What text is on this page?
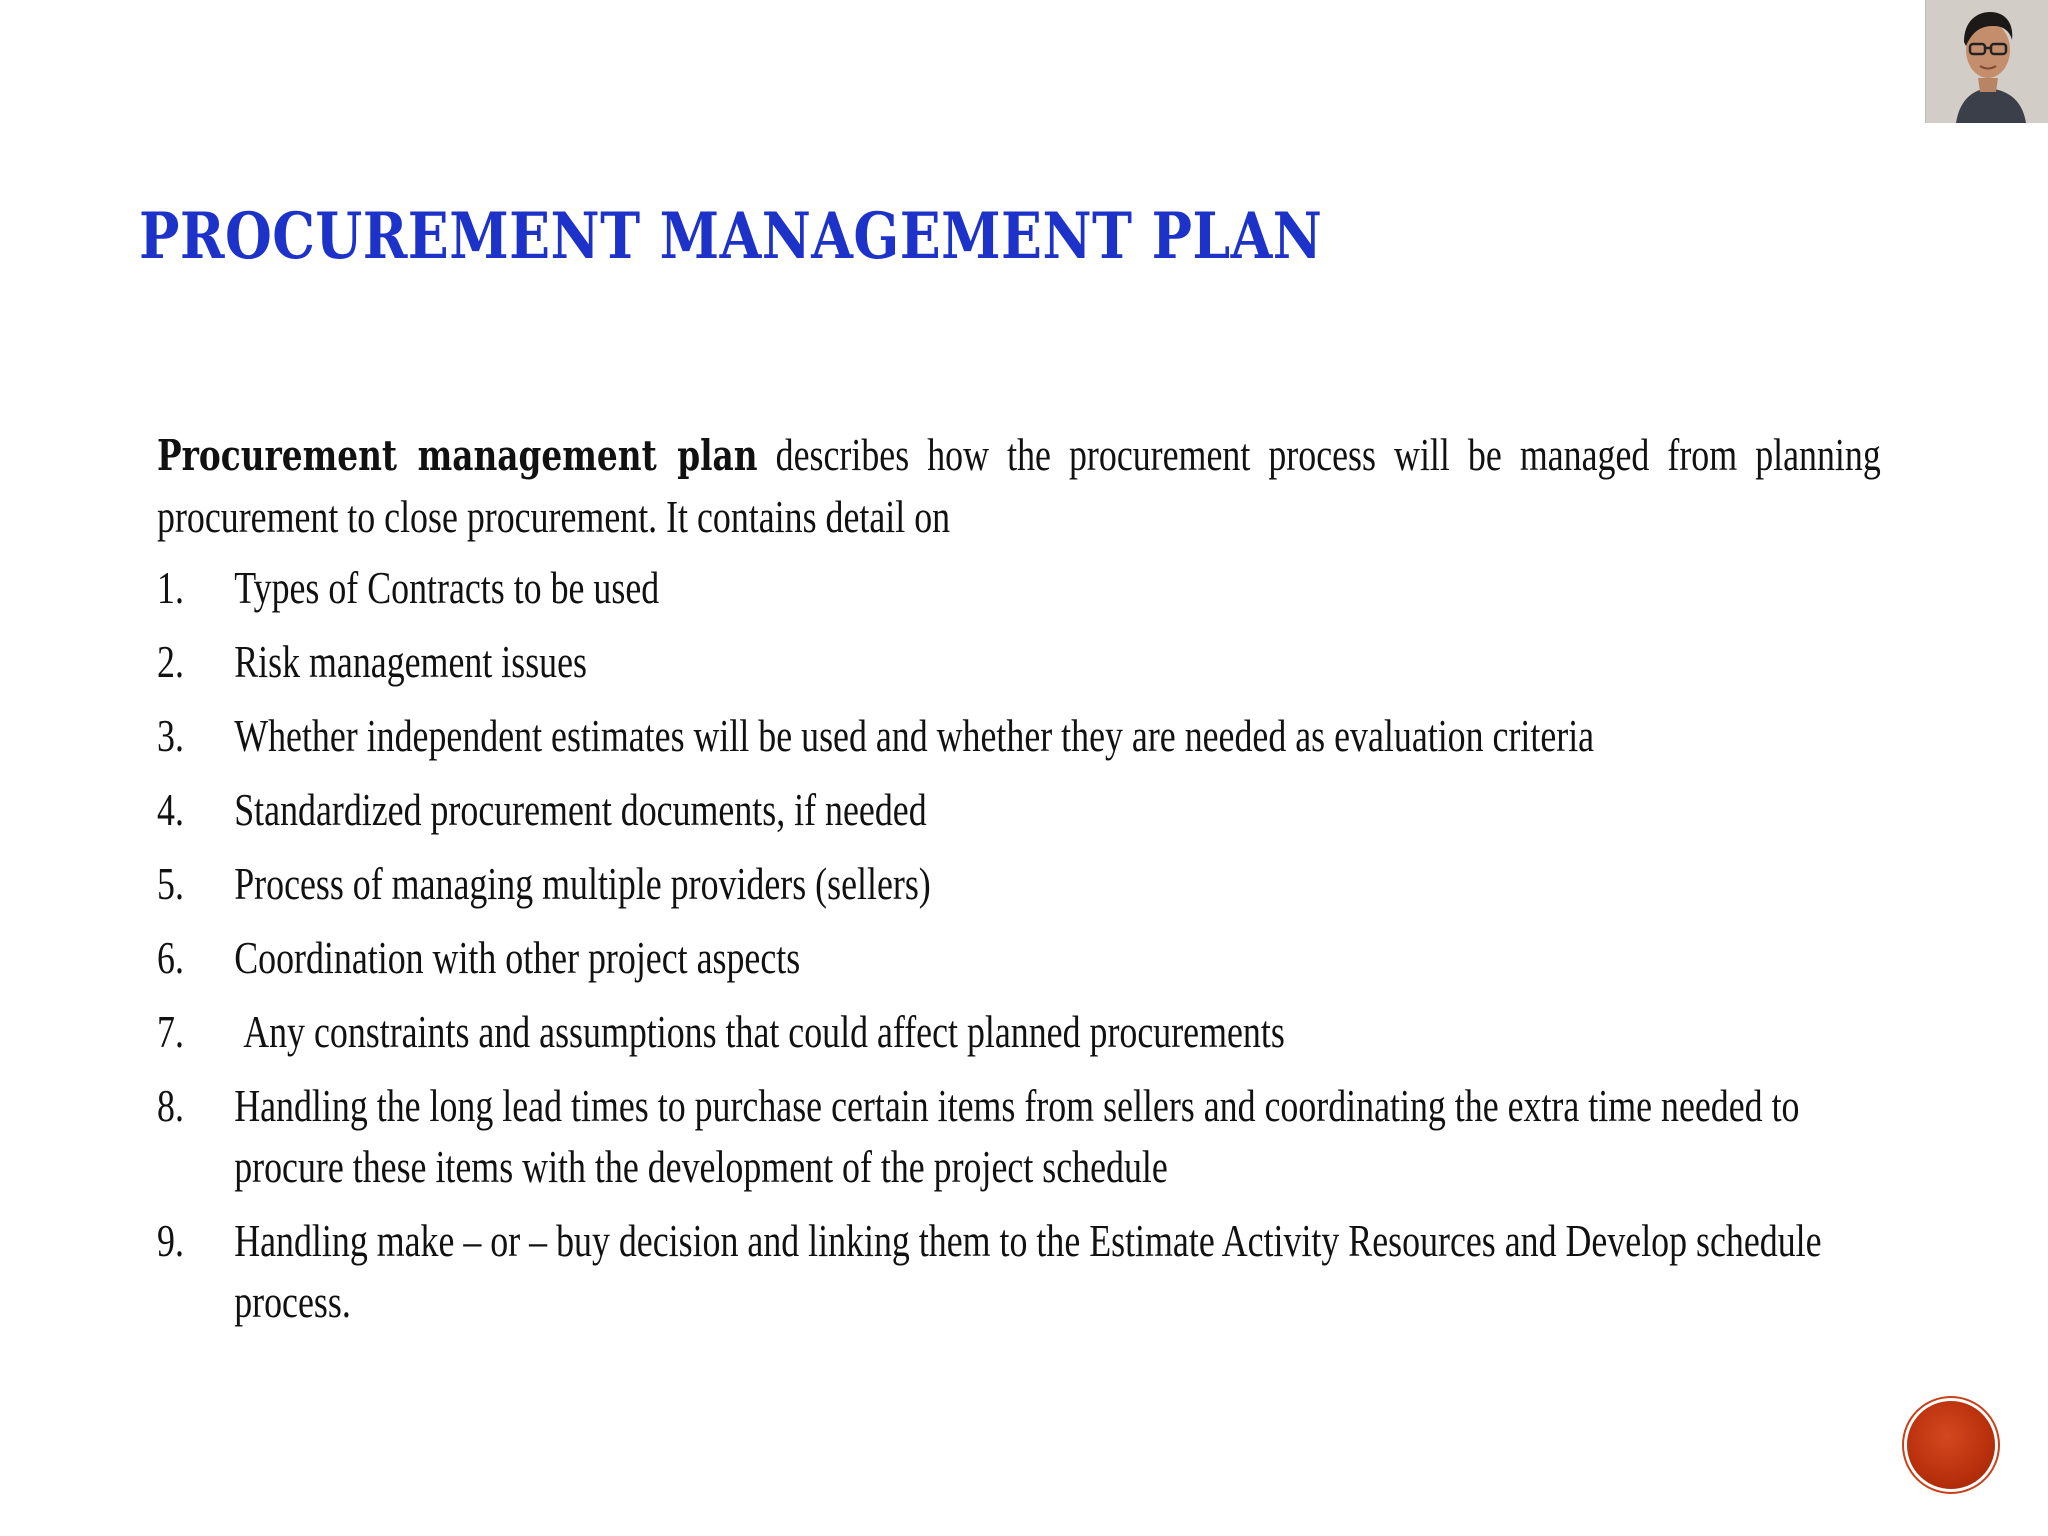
PROCUREMENT MANAGEMENT PLAN

Procurement management plan describes how the procurement process will be managed from planning procurement to close procurement. It contains detail on

1. Types of Contracts to be used
2. Risk management issues
3. Whether independent estimates will be used and whether they are needed as evaluation criteria
4. Standardized procurement documents, if needed
5. Process of managing multiple providers (sellers)
6. Coordination with other project aspects
7. Any constraints and assumptions that could affect planned procurements
8. Handling the long lead times to purchase certain items from sellers and coordinating the extra time needed to procure these items with the development of the project schedule
9. Handling make – or – buy decision and linking them to the Estimate Activity Resources and Develop schedule process.
